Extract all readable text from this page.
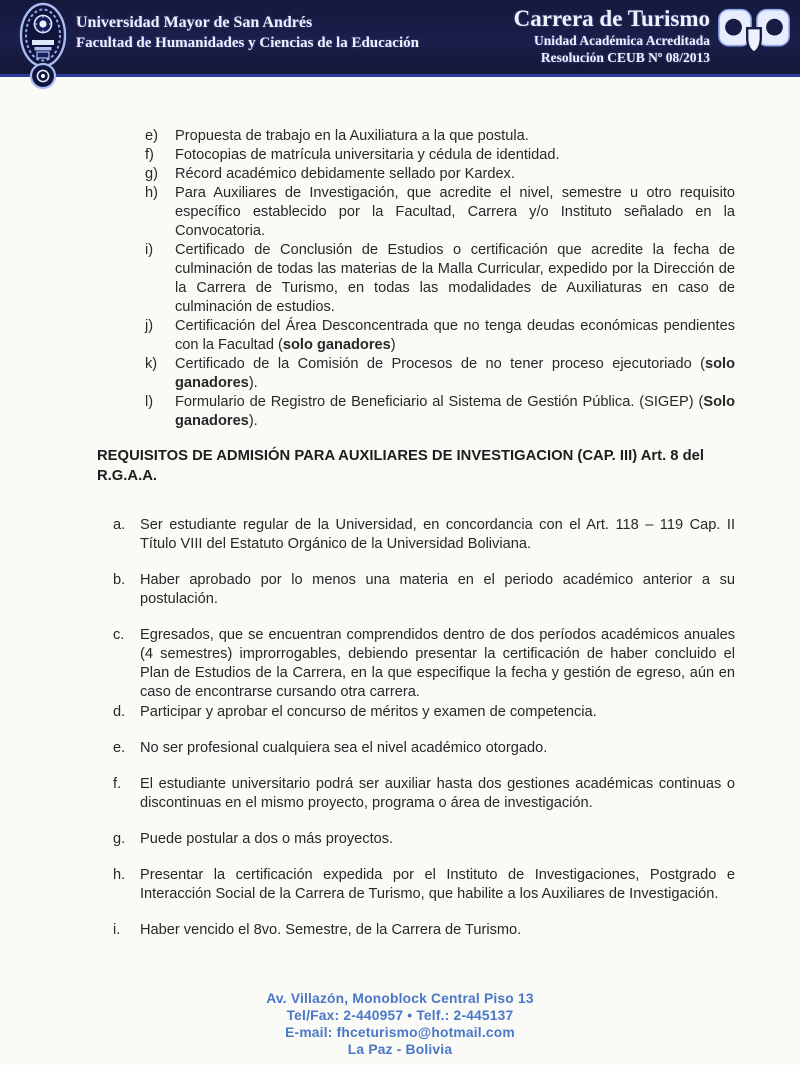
Universidad Mayor de San Andrés
Facultad de Humanidades y Ciencias de la Educación
Carrera de Turismo
Unidad Académica Acreditada
Resolución CEUB Nº 08/2013
e)	Propuesta de trabajo en la Auxiliatura a la que postula.
f)	Fotocopias de matrícula universitaria y cédula de identidad.
g)	Récord académico debidamente sellado por Kardex.
h)	Para Auxiliares de Investigación, que acredite el nivel, semestre u otro requisito específico establecido por la Facultad, Carrera y/o Instituto señalado en la Convocatoria.
i)	Certificado de Conclusión de Estudios o certificación que acredite la fecha de culminación de todas las materias de la Malla Curricular, expedido por la Dirección de la Carrera de Turismo, en todas las modalidades de Auxiliaturas en caso de culminación de estudios.
j)	Certificación del Área Desconcentrada que no tenga deudas económicas pendientes con la Facultad (solo ganadores)
k)	Certificado de la Comisión de Procesos de no tener proceso ejecutoriado (solo ganadores).
l)	Formulario de Registro de Beneficiario al Sistema de Gestión Pública. (SIGEP) (Solo ganadores).
REQUISITOS DE ADMISIÓN PARA AUXILIARES DE INVESTIGACION (CAP. III) Art. 8 del R.G.A.A.
a.	Ser estudiante regular de la Universidad, en concordancia con el Art. 118 – 119 Cap. II Título VIII del Estatuto Orgánico de la Universidad Boliviana.
b.	Haber aprobado por lo menos una materia en el periodo académico anterior a su postulación.
c.	Egresados, que se encuentran comprendidos dentro de dos períodos académicos anuales (4 semestres) improrrogables, debiendo presentar la certificación de haber concluido el Plan de Estudios de la Carrera, en la que especifique la fecha y gestión de egreso, aún en caso de encontrarse cursando otra carrera.
d.	Participar y aprobar el concurso de méritos y examen de competencia.
e.	No ser profesional cualquiera sea el nivel académico otorgado.
f.	El estudiante universitario podrá ser auxiliar hasta dos gestiones académicas continuas o discontinuas en el mismo proyecto, programa o área de investigación.
g.	Puede postular a dos o más proyectos.
h.	Presentar la certificación expedida por el Instituto de Investigaciones, Postgrado e Interacción Social de la Carrera de Turismo, que habilite a los Auxiliares de Investigación.
i.	Haber vencido el 8vo. Semestre, de la Carrera de Turismo.
Av. Villazón, Monoblock Central Piso 13
Tel/Fax: 2-440957 • Telf.: 2-445137
E-mail: fhceturismo@hotmail.com
La Paz - Bolivia
